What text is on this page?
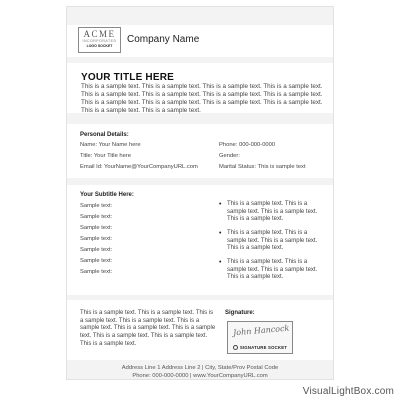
ACME
INCORPORATED
LOGO SOCKET
Company Name
YOUR TITLE HERE
This is a sample text. This is a sample text. This is a sample text. This is a sample text. This is a sample text. This is a sample text. This is a sample text. This is a sample text. This is a sample text. This is a sample text. This is a sample text. This is a sample text. This is a sample text. This is a sample text.
Personal Details:
Name: Your Name here	Phone: 000-000-0000
Title: Your Title here	Gender:
Email Id: YourName@YourCompanyURL.com	Marital Status: This is sample text
Your Subtitle Here:
Sample text:
Sample text:
Sample text:
Sample text:
Sample text:
Sample text:
Sample text:
• This is a sample text. This is a sample text. This is a sample text. This is a sample text.
• This is a sample text. This is a sample text. This is a sample text. This is a sample text.
• This is a sample text. This is a sample text. This is a sample text. This is a sample text.
This is a sample text. This is a sample text. This is a sample text. This is a sample text. This is a sample text. This is a sample text. This is a sample text. This is a sample text. This is a sample text. This is a sample text.
Signature:
John Hancock
SIGNATURE SOCKET
Address Line 1 Address Line 2 | City, State/Prov Postal Code
Phone: 000-000-0000 | www.YourCompanyURL.com
VisualLightBox.com
